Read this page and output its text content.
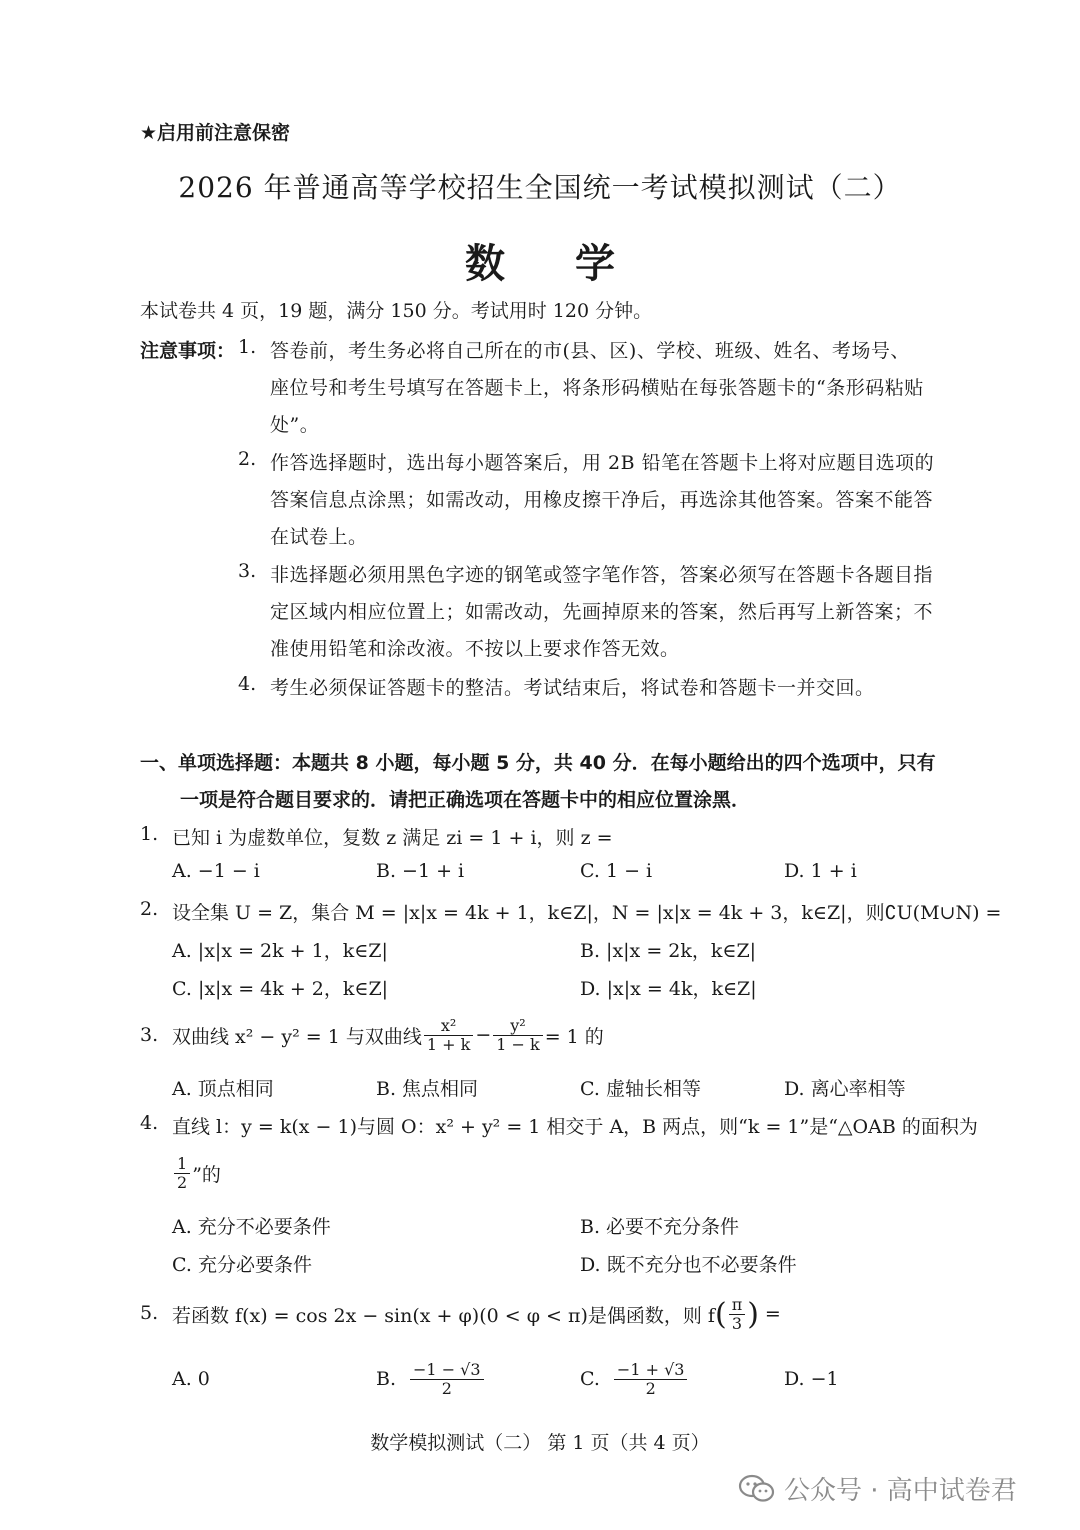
★启用前注意保密
2026 年普通高等学校招生全国统一考试模拟测试（二）
数 学
本试卷共 4 页，19 题，满分 150 分。考试用时 120 分钟。
注意事项： 1. 答卷前，考生务必将自己所在的市(县、区)、学校、班级、姓名、考场号、
座位号和考生号填写在答题卡上，将条形码横贴在每张答题卡的“条形码粘贴
处”。
2. 作答选择题时，选出每小题答案后，用 2B 铅笔在答题卡上将对应题目选项的
答案信息点涂黑；如需改动，用橡皮擦干净后，再选涂其他答案。答案不能答
在试卷上。
3. 非选择题必须用黑色字迹的钢笔或签字笔作答，答案必须写在答题卡各题目指
定区域内相应位置上；如需改动，先画掉原来的答案，然后再写上新答案；不
准使用铅笔和涂改液。不按以上要求作答无效。
4. 考生必须保证答题卡的整洁。考试结束后，将试卷和答题卡一并交回。
一、单项选择题：本题共 8 小题，每小题 5 分，共 40 分．在每小题给出的四个选项中，只有
一项是符合题目要求的．请把正确选项在答题卡中的相应位置涂黑．
1. 已知 i 为虚数单位，复数 z 满足 zi = 1 + i，则 z =
A. −1 − i	B. −1 + i	C. 1 − i	D. 1 + i
2. 设全集 U = Z，集合 M = |x|x = 4k + 1，k∈Z|，N = |x|x = 4k + 3，k∈Z|，则∁U(M∪N) =
A. |x|x = 2k + 1，k∈Z|	B. |x|x = 2k，k∈Z|
C. |x|x = 4k + 2，k∈Z|	D. |x|x = 4k，k∈Z|
3. 双曲线 x² − y² = 1 与双曲线 $\frac{\text{x²}}{1 + k} - \frac{\text{y²}}{1 - k} = 1$ 的
A. 顶点相同	B. 焦点相同	C. 虚轴长相等	D. 离心率相等
4. 直线 l：y = k(x − 1)与圆 O：x² + y² = 1 相交于 A，B 两点，则“k = 1”是“△OAB 的面积为
$\frac{1}{2}$ ”的
A. 充分不必要条件	B. 必要不充分条件
C. 充分必要条件	D. 既不充分也不必要条件
5. 若函数 f(x) = cos 2x − sin(x + φ)(0 < φ < π)是偶函数，则 f ( $\frac{\pi}{3}$ ) =
A. 0	B. $\frac{-1 - √3}{2}$	C. $\frac{-1 + √3}{2}$	D. −1
数学模拟测试（二） 第 1 页（共 4 页）
公众号 · 高中试卷君
